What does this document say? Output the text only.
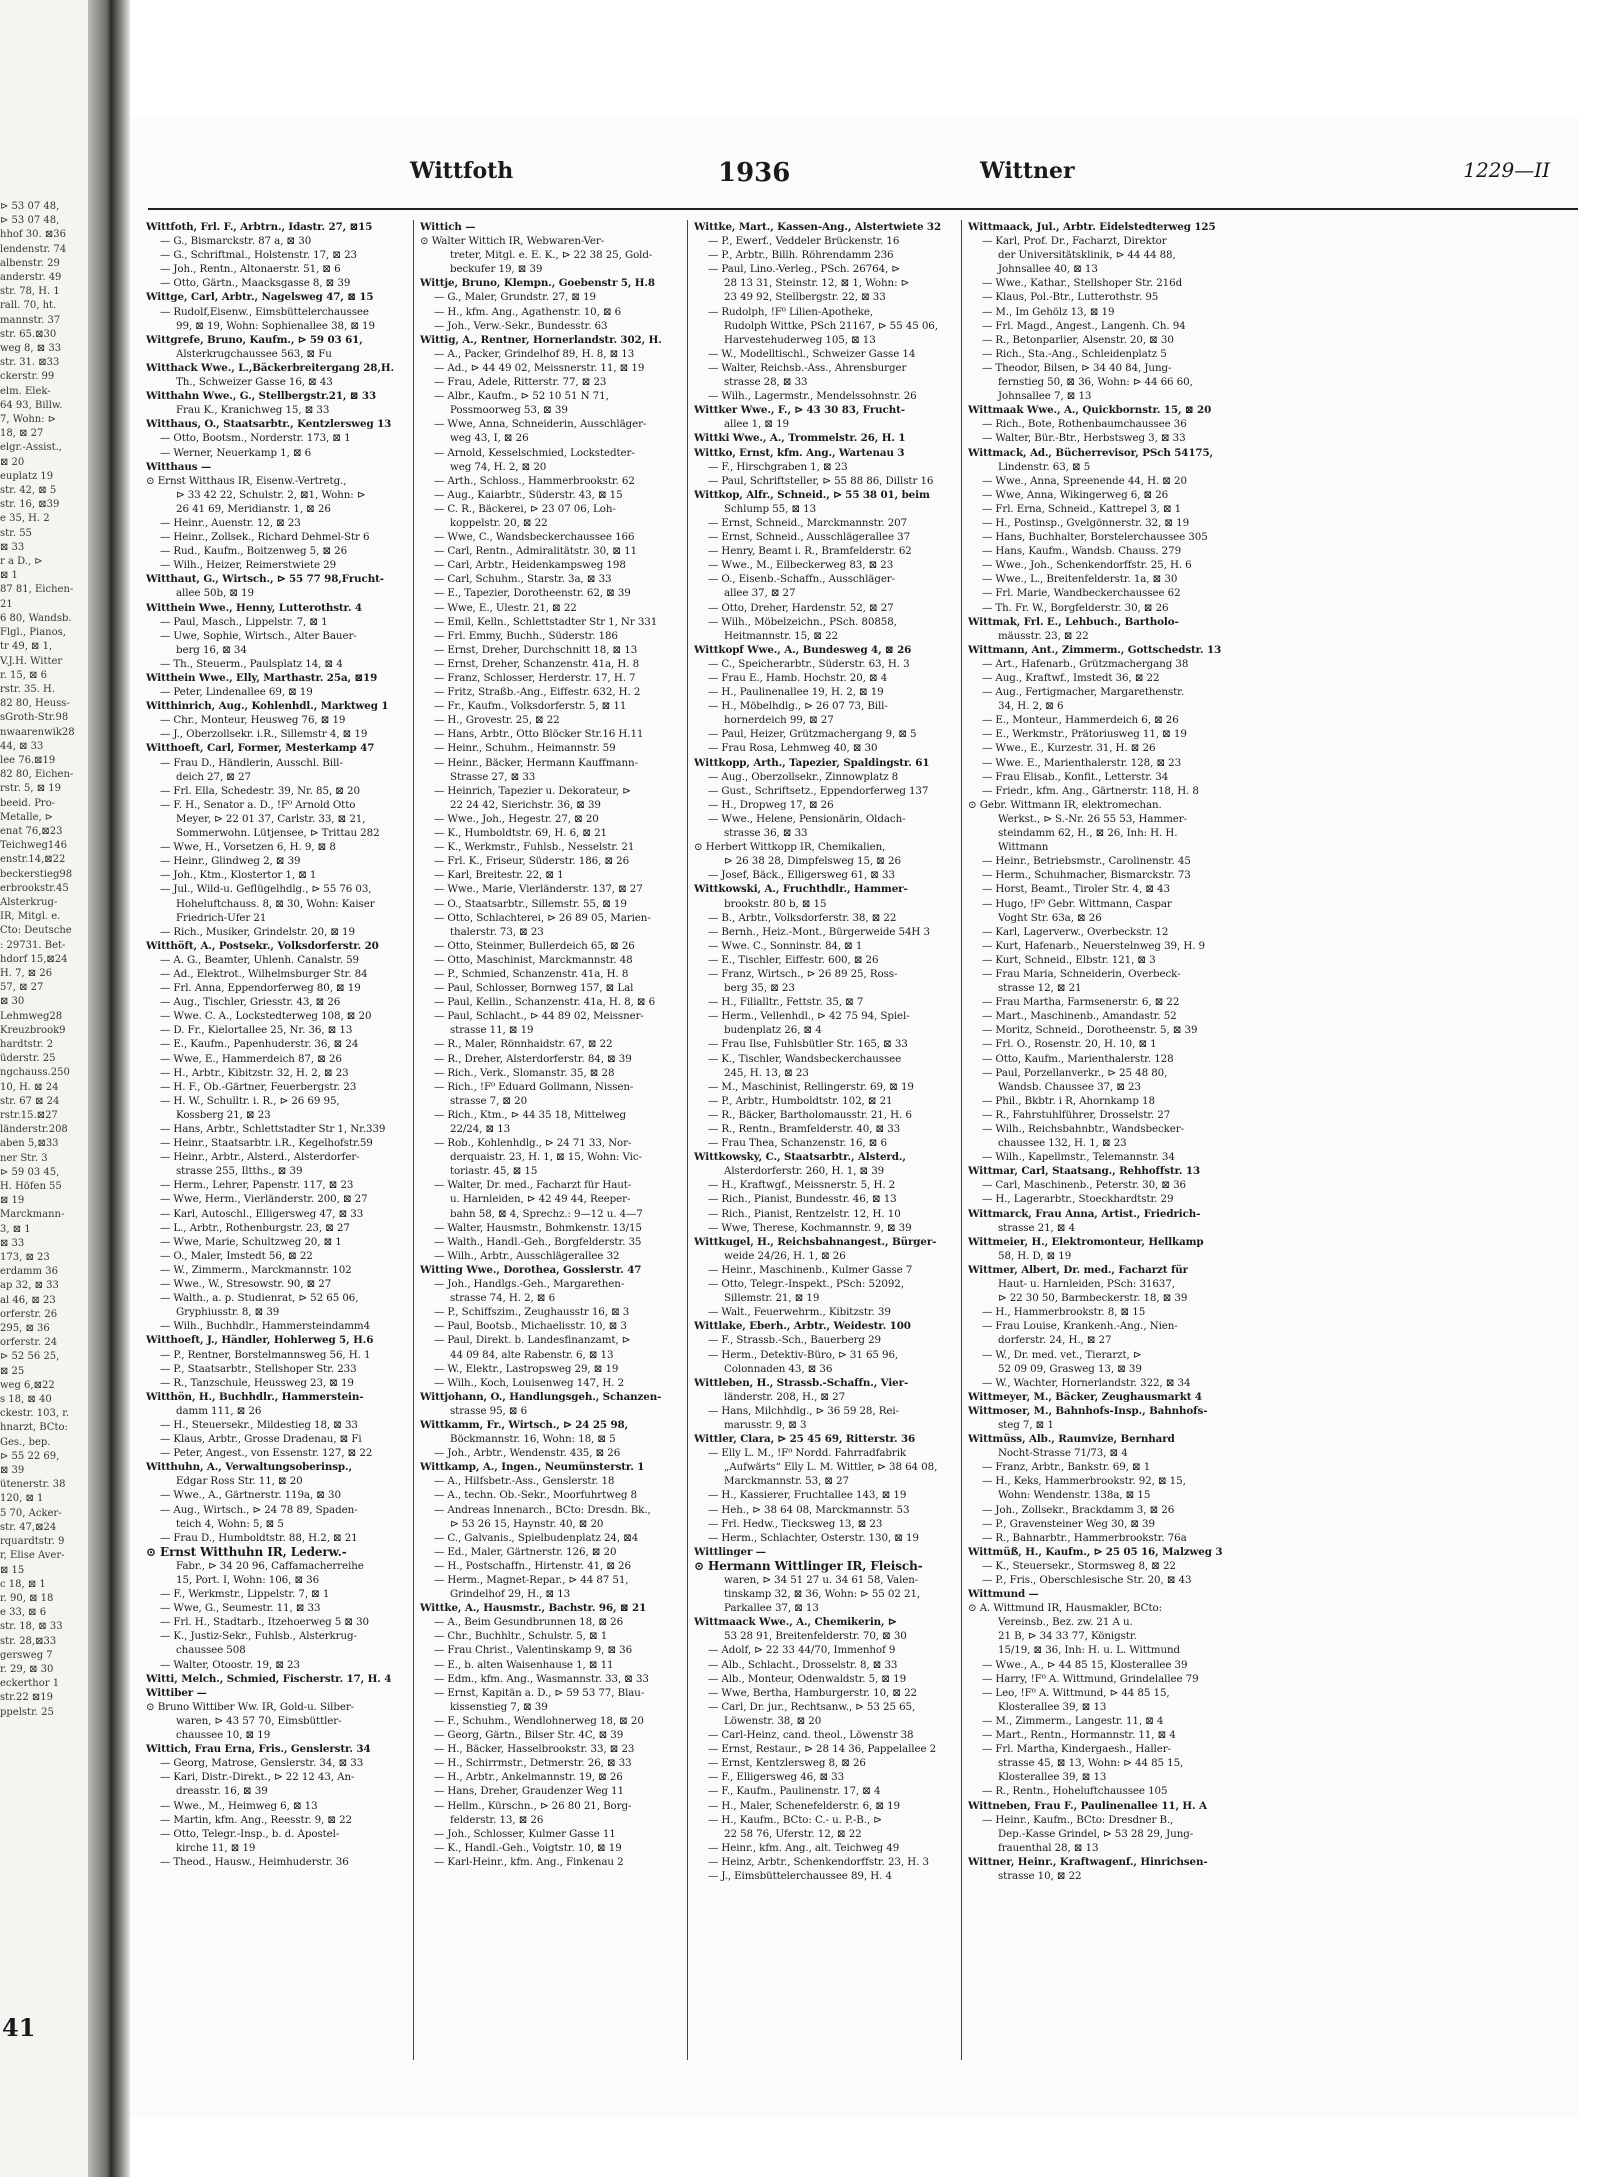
⊳ 53 07 48,
⊳ 53 07 48,
hhof 30. ⊠36
lendenstr. 74
albenstr. 29
anderstr. 49
str. 78, H. 1
rall. 70, ht.
mannstr. 37
str. 65.⊠30
weg 8, ⊠ 33
str. 31. ⊠33
ckerstr. 99
elm. Elek-
64 93, Billw.
7, Wohn: ⊳
18, ⊠ 27
elgr.-Assist.,
⊠ 20
euplatz 19
str. 42, ⊠ 5
str. 16, ⊠39
e 35, H. 2
str. 55
⊠ 33
r a D., ⊳
⊠ 1
87 81, Eichen-
21
6 80, Wandsb.
Flgl., Pianos,
tr 49, ⊠ 1,
V.J.H. Witter
r. 15, ⊠ 6
rstr. 35. H.
82 80, Heuss-
sGroth-Str.98
nwaarenwik28
44, ⊠ 33
lee 76.⊠19
82 80, Eichen-
rstr. 5, ⊠ 19
beeid. Pro-
Metalle, ⊳
enat 76,⊠23
Teichweg146
enstr.14,⊠22
beckerstieg98
erbrookstr.45
Alsterkrug-
IR, Mitgl. e.
Cto: Deutsche
: 29731. Bet-
hdorf 15,⊠24
H. 7, ⊠ 26
57, ⊠ 27
⊠ 30
Lehmweg28
Kreuzbrook9
hardtstr. 2
üderstr. 25
ngchauss.250
10, H. ⊠ 24
str. 67 ⊠ 24
rstr.15.⊠27
länderstr.208
aben 5,⊠33
ner Str. 3
⊳ 59 03 45,
H. Höfen 55
⊠ 19
Marckmann-
3, ⊠ 1
⊠ 33
173, ⊠ 23
erdamm 36
ap 32, ⊠ 33
al 46, ⊠ 23
orferstr. 26
295, ⊠ 36
orferstr. 24
⊳ 52 56 25,
⊠ 25
weg 6,⊠22
s 18, ⊠ 40
ckestr. 103, r.
hnarzt, BCto:
Ges., bep.
⊳ 55 22 69,
⊠ 39
ütenerstr. 38
120, ⊠ 1
5 70, Acker-
str. 47,⊠24
rquardtstr. 9
r, Elise Aver-
⊠ 15
c 18, ⊠ 1
r. 90, ⊠ 18
e 33, ⊠ 6
str. 18, ⊠ 33
str. 28,⊠33
gersweg 7
r. 29, ⊠ 30
eckerthor 1
str.22 ⊠19
ppelstr. 25
41
Wittfoth	1936	Wittner	1229—II
Wittfoth, Frl. F., Arbtrn., Idastr. 27, ⊠15
— G., Bismarckstr. 87 a, ⊠ 30
— G., Schriftmal., Holstenstr. 17, ⊠ 23
— Joh., Rentn., Altonaerstr. 51, ⊠ 6
— Otto, Gärtn., Maacksgasse 8, ⊠ 39
Wittge, Carl, Arbtr., Nagelsweg 47, ⊠ 15
— Rudolf,Eisenw., Eimsbüttelerchaussee
99, ⊠ 19, Wohn: Sophienallee 38, ⊠ 19
Wittgrefe, Bruno, Kaufm., ⊳ 59 03 61,
Alsterkrugchaussee 563, ⊠ Fu
Witthack Wwe., L.,Bäckerbreitergang 28,H.
Th., Schweizer Gasse 16, ⊠ 43
Witthahn Wwe., G., Stellbergstr.21, ⊠ 33
Frau K., Kranichweg 15, ⊠ 33
Witthaus, O., Staatsarbtr., Kentzlersweg 13
— Otto, Bootsm., Norderstr. 173, ⊠ 1
— Werner, Neuerkamp 1, ⊠ 6
Witthaus —
⊙ Ernst Witthaus IR, Eisenw.-Vertretg.,
⊳ 33 42 22, Schulstr. 2, ⊠1, Wohn: ⊳
26 41 69, Meridianstr. 1, ⊠ 26
— Heinr., Auenstr. 12, ⊠ 23
— Heinr., Zollsek., Richard Dehmel-Str 6
— Rud., Kaufm., Boitzenweg 5, ⊠ 26
— Wilh., Heizer, Reimerstwiete 29
Witthaut, G., Wirtsch., ⊳ 55 77 98,Frucht-
allee 50b, ⊠ 19
Witthein Wwe., Henny, Lutterothstr. 4
— Paul, Masch., Lippelstr. 7, ⊠ 1
— Uwe, Sophie, Wirtsch., Alter Bauer-
berg 16, ⊠ 34
— Th., Steuerm., Paulsplatz 14, ⊠ 4
Witthein Wwe., Elly, Marthastr. 25a, ⊠19
— Peter, Lindenallee 69, ⊠ 19
Witthinrich, Aug., Kohlenhdl., Marktweg 1
— Chr., Monteur, Heusweg 76, ⊠ 19
— J., Oberzollsekr. i.R., Sillemstr 4, ⊠ 19
Witthoeft, Carl, Former, Mesterkamp 47
— Frau D., Händlerin, Ausschl. Bill-
deich 27, ⊠ 27
— Frl. Ella, Schedestr. 39, Nr. 85, ⊠ 20
— F. H., Senator a. D., !F⁰ Arnold Otto
Meyer, ⊳ 22 01 37, Carlstr. 33, ⊠ 21,
Sommerwohn. Lütjensee, ⊳ Trittau 282
— Wwe, H., Vorsetzen 6, H. 9, ⊠ 8
— Heinr., Glindweg 2, ⊠ 39
— Joh., Ktm., Klostertor 1, ⊠ 1
— Jul., Wild-u. Geflügelhdlg., ⊳ 55 76 03,
Hoheluftchauss. 8, ⊠ 30, Wohn: Kaiser
Friedrich-Ufer 21
— Rich., Musiker, Grindelstr. 20, ⊠ 19
Witthöft, A., Postsekr., Volksdorferstr. 20
— A. G., Beamter, Uhlenh. Canalstr. 59
— Ad., Elektrot., Wilhelmsburger Str. 84
— Frl. Anna, Eppendorferweg 80, ⊠ 19
— Aug., Tischler, Griesstr. 43, ⊠ 26
— Wwe. C. A., Lockstedterweg 108, ⊠ 20
— D. Fr., Kielortallee 25, Nr. 36, ⊠ 13
— E., Kaufm., Papenhuderstr. 36, ⊠ 24
— Wwe, E., Hammerdeich 87, ⊠ 26
— H., Arbtr., Kibitzstr. 32, H. 2, ⊠ 23
— H. F., Ob.-Gärtner, Feuerbergstr. 23
— H. W., Schulltr. i. R., ⊳ 26 69 95,
Kossberg 21, ⊠ 23
— Hans, Arbtr., Schlettstadter Str 1, Nr.339
— Heinr., Staatsarbtr. i.R., Kegelhofstr.59
— Heinr., Arbtr., Alsterd., Alsterdorfer-
strasse 255, Iltths., ⊠ 39
— Herm., Lehrer, Papenstr. 117, ⊠ 23
— Wwe, Herm., Vierländerstr. 200, ⊠ 27
— Karl, Autoschl., Elligersweg 47, ⊠ 33
— L., Arbtr., Rothenburgstr. 23, ⊠ 27
— Wwe, Marie, Schultzweg 20, ⊠ 1
— O., Maler, Imstedt 56, ⊠ 22
— W., Zimmerm., Marckmannstr. 102
— Wwe., W., Stresowstr. 90, ⊠ 27
— Walth., a. p. Studienrat, ⊳ 52 65 06,
Gryphiusstr. 8, ⊠ 39
— Wilh., Buchhdlr., Hammersteindamm4
Witthoeft, J., Händler, Hohlerweg 5, H.6
— P., Rentner, Borstelmannsweg 56, H. 1
— P., Staatsarbtr., Stellshoper Str. 233
— R., Tanzschule, Heussweg 23, ⊠ 19
Witthön, H., Buchhdlr., Hammerstein-
damm 111, ⊠ 26
— H., Steuersekr., Mildestieg 18, ⊠ 33
— Klaus, Arbtr., Grosse Dradenau, ⊠ Fi
— Peter, Angest., von Essenstr. 127, ⊠ 22
Witthuhn, A., Verwaltungsoberinsp.,
Edgar Ross Str. 11, ⊠ 20
— Wwe., A., Gärtnerstr. 119a, ⊠ 30
— Aug., Wirtsch., ⊳ 24 78 89, Spaden-
teich 4, Wohn: 5, ⊠ 5
— Frau D., Humboldtstr. 88, H.2, ⊠ 21
⊙ Ernst Witthuhn IR, Lederw.-
Fabr., ⊳ 34 20 96, Caffamacherreihe
15, Port. I, Wohn: 106, ⊠ 36
— F., Werkmstr., Lippelstr. 7, ⊠ 1
— Wwe, G., Seumestr. 11, ⊠ 33
— Frl. H., Stadtarb., Itzehoerweg 5 ⊠ 30
— K., Justiz-Sekr., Fuhlsb., Alsterkrug-
chaussee 508
— Walter, Otoostr. 19, ⊠ 23
Witti, Melch., Schmied, Fischerstr. 17, H. 4
Wittiber —
⊙ Bruno Wittiber Ww. IR, Gold-u. Silber-
waren, ⊳ 43 57 70, Eimsbüttler-
chaussee 10, ⊠ 19
Wittich, Frau Erna, Fris., Genslerstr. 34
— Georg, Matrose, Genslerstr. 34, ⊠ 33
— Kari, Distr.-Direkt., ⊳ 22 12 43, An-
dreasstr. 16, ⊠ 39
— Wwe., M., Heimweg 6, ⊠ 13
— Martin, kfm. Ang., Reesstr. 9, ⊠ 22
— Otto, Telegr.-Insp., b. d. Apostel-
kirche 11, ⊠ 19
— Theod., Hausw., Heimhuderstr. 36
Wittich —
⊙ Walter Wittich IR, Webwaren-Ver-
treter, Mitgl. e. E. K., ⊳ 22 38 25, Gold-
beckufer 19, ⊠ 39
Wittje, Bruno, Klempn., Goebenstr 5, H.8
— G., Maler, Grundstr. 27, ⊠ 19
— H., kfm. Ang., Agathenstr. 10, ⊠ 6
— Joh., Verw.-Sekr., Bundesstr. 63
Wittig, A., Rentner, Hornerlandstr. 302, H.
— A., Packer, Grindelhof 89, H. 8, ⊠ 13
— Ad., ⊳ 44 49 02, Meissnerstr. 11, ⊠ 19
— Frau, Adele, Ritterstr. 77, ⊠ 23
— Albr., Kaufm., ⊳ 52 10 51 N 71,
Possmoorweg 53, ⊠ 39
— Wwe, Anna, Schneiderin, Ausschläger-
weg 43, I, ⊠ 26
— Arnold, Kesselschmied, Lockstedter-
weg 74, H. 2, ⊠ 20
— Arth., Schloss., Hammerbrookstr. 62
— Aug., Kaiarbtr., Süderstr. 43, ⊠ 15
— C. R., Bäckerei, ⊳ 23 07 06, Loh-
koppelstr. 20, ⊠ 22
— Wwe, C., Wandsbeckerchaussee 166
— Carl, Rentn., Admiralitätstr. 30, ⊠ 11
— Carl, Arbtr., Heidenkampsweg 198
— Carl, Schuhm., Starstr. 3a, ⊠ 33
— E., Tapezier, Dorotheenstr. 62, ⊠ 39
— Wwe, E., Ulestr. 21, ⊠ 22
— Emil, Kelln., Schlettstadter Str 1, Nr 331
— Frl. Emmy, Buchh., Süderstr. 186
— Ernst, Dreher, Durchschnitt 18, ⊠ 13
— Ernst, Dreher, Schanzenstr. 41a, H. 8
— Franz, Schlosser, Herderstr. 17, H. 7
— Fritz, Straßb.-Ang., Eiffestr. 632, H. 2
— Fr., Kaufm., Volksdorferstr. 5, ⊠ 11
— H., Grovestr. 25, ⊠ 22
— Hans, Arbtr., Otto Blöcker Str.16 H.11
— Heinr., Schuhm., Heimannstr. 59
— Heinr., Bäcker, Hermann Kauffmann-
Strasse 27, ⊠ 33
— Heinrich, Tapezier u. Dekorateur, ⊳
22 24 42, Sierichstr. 36, ⊠ 39
— Wwe., Joh., Hegestr. 27, ⊠ 20
— K., Humboldtstr. 69, H. 6, ⊠ 21
— K., Werkmstr., Fuhlsb., Nesselstr. 21
— Frl. K., Friseur, Süderstr. 186, ⊠ 26
— Karl, Breitestr. 22, ⊠ 1
— Wwe., Marie, Vierländerstr. 137, ⊠ 27
— O., Staatsarbtr., Sillemstr. 55, ⊠ 19
— Otto, Schlachterei, ⊳ 26 89 05, Marien-
thalerstr. 73, ⊠ 23
— Otto, Steinmer, Bullerdeich 65, ⊠ 26
— Otto, Maschinist, Marckmannstr. 48
— P., Schmied, Schanzenstr. 41a, H. 8
— Paul, Schlosser, Bornweg 157, ⊠ Lal
— Paul, Kellin., Schanzenstr. 41a, H. 8, ⊠ 6
— Paul, Schlacht., ⊳ 44 89 02, Meissner-
strasse 11, ⊠ 19
— R., Maler, Rönnhaidstr. 67, ⊠ 22
— R., Dreher, Alsterdorferstr. 84, ⊠ 39
— Rich., Verk., Slomanstr. 35, ⊠ 28
— Rich., !F⁰ Eduard Gollmann, Nissen-
strasse 7, ⊠ 20
— Rich., Ktm., ⊳ 44 35 18, Mittelweg
22/24, ⊠ 13
— Rob., Kohlenhdlg., ⊳ 24 71 33, Nor-
derquaistr. 23, H. 1, ⊠ 15, Wohn: Vic-
toriastr. 45, ⊠ 15
— Walter, Dr. med., Facharzt für Haut-
u. Harnleiden, ⊳ 42 49 44, Reeper-
bahn 58, ⊠ 4, Sprechz.: 9—12 u. 4—7
— Walter, Hausmstr., Bohmkenstr. 13/15
— Walth., Handl.-Geh., Borgfelderstr. 35
— Wilh., Arbtr., Ausschlägerallee 32
Witting Wwe., Dorothea, Gosslerstr. 47
— Joh., Handlgs.-Geh., Margarethen-
strasse 74, H. 2, ⊠ 6
— P., Schiffszim., Zeughausstr 16, ⊠ 3
— Paul, Bootsb., Michaelisstr. 10, ⊠ 3
— Paul, Direkt. b. Landesfinanzamt, ⊳
44 09 84, alte Rabenstr. 6, ⊠ 13
— W., Elektr., Lastropsweg 29, ⊠ 19
— Wilh., Koch, Louisenweg 147, H. 2
Wittjohann, O., Handlungsgeh., Schanzen-
strasse 95, ⊠ 6
Wittkamm, Fr., Wirtsch., ⊳ 24 25 98,
Böckmannstr. 16, Wohn: 18, ⊠ 5
— Joh., Arbtr., Wendenstr. 435, ⊠ 26
Wittkamp, A., Ingen., Neumünsterstr. 1
— A., Hilfsbetr.-Ass., Genslerstr. 18
— A., techn. Ob.-Sekr., Moorfuhrtweg 8
— Andreas Innenarch., BCto: Dresdn. Bk.,
⊳ 53 26 15, Haynstr. 40, ⊠ 20
— C., Galvanis., Spielbudenplatz 24, ⊠4
— Ed., Maler, Gärtnerstr. 126, ⊠ 20
— H., Postschaffn., Hirtenstr. 41, ⊠ 26
— Herm., Magnet-Repar., ⊳ 44 87 51,
Grindelhof 29, H., ⊠ 13
Wittke, A., Hausmstr., Bachstr. 96, ⊠ 21
— A., Beim Gesundbrunnen 18, ⊠ 26
— Chr., Buchhltr., Schulstr. 5, ⊠ 1
— Frau Christ., Valentinskamp 9, ⊠ 36
— E., b. alten Waisenhause 1, ⊠ 11
— Edm., kfm. Ang., Wasmannstr. 33, ⊠ 33
— Ernst, Kapitän a. D., ⊳ 59 53 77, Blau-
kissenstieg 7, ⊠ 39
— F., Schuhm., Wendlohnerweg 18, ⊠ 20
— Georg, Gärtn., Bilser Str. 4C, ⊠ 39
— H., Bäcker, Hasselbrookstr. 33, ⊠ 23
— H., Schirrmstr., Detmerstr. 26, ⊠ 33
— H., Arbtr., Ankelmannstr. 19, ⊠ 26
— Hans, Dreher, Graudenzer Weg 11
— Hellm., Kürschn., ⊳ 26 80 21, Borg-
felderstr. 13, ⊠ 26
— Joh., Schlosser, Kulmer Gasse 11
— K., Handl.-Geh., Voigtstr. 10, ⊠ 19
— Karl-Heinr., kfm. Ang., Finkenau 2
Wittke, Mart., Kassen-Ang., Alstertwiete 32
— P., Ewerf., Veddeler Brückenstr. 16
— P., Arbtr., Billh. Röhrendamm 236
— Paul, Lino.-Verleg., PSch. 26764, ⊳
28 13 31, Steinstr. 12, ⊠ 1, Wohn: ⊳
23 49 92, Stellbergstr. 22, ⊠ 33
— Rudolph, !F⁰ Lilien-Apotheke,
Rudolph Wittke, PSch 21167, ⊳ 55 45 06,
Harvestehuderweg 105, ⊠ 13
— W., Modelltischl., Schweizer Gasse 14
— Walter, Reichsb.-Ass., Ahrensburger
strasse 28, ⊠ 33
— Wilh., Lagermstr., Mendelssohnstr. 26
Wittker Wwe., F., ⊳ 43 30 83, Frucht-
allee 1, ⊠ 19
Wittki Wwe., A., Trommelstr. 26, H. 1
Wittko, Ernst, kfm. Ang., Wartenau 3
— F., Hirschgraben 1, ⊠ 23
— Paul, Schriftsteller, ⊳ 55 88 86, Dillstr 16
Wittkop, Alfr., Schneid., ⊳ 55 38 01, beim
Schlump 55, ⊠ 13
— Ernst, Schneid., Marckmannstr. 207
— Ernst, Schneid., Ausschlägerallee 37
— Henry, Beamt i. R., Bramfelderstr. 62
— Wwe., M., Eilbeckerweg 83, ⊠ 23
— O., Eisenb.-Schaffn., Ausschläger-
allee 37, ⊠ 27
— Otto, Dreher, Hardenstr. 52, ⊠ 27
— Wilh., Möbelzeichn., PSch. 80858,
Heitmannstr. 15, ⊠ 22
Wittkopf Wwe., A., Bundesweg 4, ⊠ 26
— C., Speicherarbtr., Süderstr. 63, H. 3
— Frau E., Hamb. Hochstr. 20, ⊠ 4
— H., Paulinenallee 19, H. 2, ⊠ 19
— H., Möbelhdlg., ⊳ 26 07 73, Bill-
hornerdeich 99, ⊠ 27
— Paul, Heizer, Grützmachergang 9, ⊠ 5
— Frau Rosa, Lehmweg 40, ⊠ 30
Wittkopp, Arth., Tapezier, Spaldingstr. 61
— Aug., Oberzollsekr., Zinnowplatz 8
— Gust., Schriftsetz., Eppendorferweg 137
— H., Dropweg 17, ⊠ 26
— Wwe., Helene, Pensionärin, Oldach-
strasse 36, ⊠ 33
⊙ Herbert Wittkopp IR, Chemikalien,
⊳ 26 38 28, Dimpfelsweg 15, ⊠ 26
— Josef, Bäck., Elligersweg 61, ⊠ 33
Wittkowski, A., Fruchthdlr., Hammer-
brookstr. 80 b, ⊠ 15
— B., Arbtr., Volksdorferstr. 38, ⊠ 22
— Bernh., Heiz.-Mont., Bürgerweide 54H 3
— Wwe. C., Sonninstr. 84, ⊠ 1
— E., Tischler, Eiffestr. 600, ⊠ 26
— Franz, Wirtsch., ⊳ 26 89 25, Ross-
berg 35, ⊠ 23
— H., Filialltr., Fettstr. 35, ⊠ 7
— Herm., Vellenhdl., ⊳ 42 75 94, Spiel-
budenplatz 26, ⊠ 4
— Frau Ilse, Fuhlsbütler Str. 165, ⊠ 33
— K., Tischler, Wandsbeckerchaussee
245, H. 13, ⊠ 23
— M., Maschinist, Rellingerstr. 69, ⊠ 19
— P., Arbtr., Humboldtstr. 102, ⊠ 21
— R., Bäcker, Bartholomausstr. 21, H. 6
— R., Rentn., Bramfelderstr. 40, ⊠ 33
— Frau Thea, Schanzenstr. 16, ⊠ 6
Wittkowsky, C., Staatsarbtr., Alsterd.,
Alsterdorferstr. 260, H. 1, ⊠ 39
— H., Kraftwgf., Meissnerstr. 5, H. 2
— Rich., Pianist, Bundesstr. 46, ⊠ 13
— Rich., Pianist, Rentzelstr. 12, H. 10
— Wwe, Therese, Kochmannstr. 9, ⊠ 39
Wittkugel, H., Reichsbahnangest., Bürger-
weide 24/26, H. 1, ⊠ 26
— Heinr., Maschinenb., Kulmer Gasse 7
— Otto, Telegr.-Inspekt., PSch: 52092,
Sillemstr. 21, ⊠ 19
— Walt., Feuerwehrm., Kibitzstr. 39
Wittlake, Eberh., Arbtr., Weidestr. 100
— F., Strassb.-Sch., Bauerberg 29
— Herm., Detektiv-Büro, ⊳ 31 65 96,
Colonnaden 43, ⊠ 36
Wittleben, H., Strassb.-Schaffn., Vier-
länderstr. 208, H., ⊠ 27
— Hans, Milchhdlg., ⊳ 36 59 28, Rei-
marusstr. 9, ⊠ 3
Wittler, Clara, ⊳ 25 45 69, Ritterstr. 36
— Elly L. M., !F⁰ Nordd. Fahrradfabrik
„Aufwärts“ Elly L. M. Wittler, ⊳ 38 64 08,
Marckmannstr. 53, ⊠ 27
— H., Kassierer, Fruchtallee 143, ⊠ 19
— Heh., ⊳ 38 64 08, Marckmannstr. 53
— Frl. Hedw., Tiecksweg 13, ⊠ 23
— Herm., Schlachter, Osterstr. 130, ⊠ 19
Wittlinger —
⊙ Hermann Wittlinger IR, Fleisch-
waren, ⊳ 34 51 27 u. 34 61 58, Valen-
tinskamp 32, ⊠ 36, Wohn: ⊳ 55 02 21,
Parkallee 37, ⊠ 13
Wittmaack Wwe., A., Chemikerin, ⊳
53 28 91, Breitenfelderstr. 70, ⊠ 30
— Adolf, ⊳ 22 33 44/70, Immenhof 9
— Alb., Schlacht., Drosselstr. 8, ⊠ 33
— Alb., Monteur, Odenwaldstr. 5, ⊠ 19
— Wwe, Bertha, Hamburgerstr. 10, ⊠ 22
— Carl, Dr. jur., Rechtsanw., ⊳ 53 25 65,
Löwenstr. 38, ⊠ 20
— Carl-Heinz, cand. theol., Löwenstr 38
— Ernst, Restaur., ⊳ 28 14 36, Pappelallee 2
— Ernst, Kentzlersweg 8, ⊠ 26
— F., Elligersweg 46, ⊠ 33
— F., Kaufm., Paulinenstr. 17, ⊠ 4
— H., Maler, Schenefelderstr. 6, ⊠ 19
— H., Kaufm., BCto: C.- u. P.-B., ⊳
22 58 76, Uferstr. 12, ⊠ 22
— Heinr., kfm. Ang., alt. Teichweg 49
— Heinz, Arbtr., Schenkendorffstr. 23, H. 3
— J., Eimsbüttelerchaussee 89, H. 4
Wittmaack, Jul., Arbtr. Eidelstedterweg 125
— Karl, Prof. Dr., Facharzt, Direktor
der Universitätsklinik, ⊳ 44 44 88,
Johnsallee 40, ⊠ 13
— Wwe., Kathar., Stellshoper Str. 216d
— Klaus, Pol.-Btr., Lutterothstr. 95
— M., Im Gehölz 13, ⊠ 19
— Frl. Magd., Angest., Langenh. Ch. 94
— R., Betonparlier, Alsenstr. 20, ⊠ 30
— Rich., Sta.-Ang., Schleidenplatz 5
— Theodor, Bilsen, ⊳ 34 40 84, Jung-
fernstieg 50, ⊠ 36, Wohn: ⊳ 44 66 60,
Johnsallee 7, ⊠ 13
Wittmaak Wwe., A., Quickbornstr. 15, ⊠ 20
— Rich., Bote, Rothenbaumchaussee 36
— Walter, Bür.-Btr., Herbstsweg 3, ⊠ 33
Wittmack, Ad., Bücherrevisor, PSch 54175,
Lindenstr. 63, ⊠ 5
— Wwe., Anna, Spreenende 44, H. ⊠ 20
— Wwe, Anna, Wikingerweg 6, ⊠ 26
— Frl. Erna, Schneid., Kattrepel 3, ⊠ 1
— H., Postinsp., Gvelgönnerstr. 32, ⊠ 19
— Hans, Buchhalter, Borstelerchaussee 305
— Hans, Kaufm., Wandsb. Chauss. 279
— Wwe., Joh., Schenkendorffstr. 25, H. 6
— Wwe., L., Breitenfelderstr. 1a, ⊠ 30
— Frl. Marie, Wandbeckerchaussee 62
— Th. Fr. W., Borgfelderstr. 30, ⊠ 26
Wittmak, Frl. E., Lehbuch., Bartholo-
mäusstr. 23, ⊠ 22
Wittmann, Ant., Zimmerm., Gottschedstr. 13
— Art., Hafenarb., Grützmachergang 38
— Aug., Kraftwf., Imstedt 36, ⊠ 22
— Aug., Fertigmacher, Margarethenstr.
34, H. 2, ⊠ 6
— E., Monteur., Hammerdeich 6, ⊠ 26
— E., Werkmstr., Prätoriusweg 11, ⊠ 19
— Wwe., E., Kurzestr. 31, H. ⊠ 26
— Wwe. E., Marienthalerstr. 128, ⊠ 23
— Frau Elisab., Konfit., Letterstr. 34
— Friedr., kfm. Ang., Gärtnerstr. 118, H. 8
⊙ Gebr. Wittmann IR, elektromechan.
Werkst., ⊳ S.-Nr. 26 55 53, Hammer-
steindamm 62, H., ⊠ 26, Inh: H. H.
Wittmann
— Heinr., Betriebsmstr., Carolinenstr. 45
— Herm., Schuhmacher, Bismarckstr. 73
— Horst, Beamt., Tiroler Str. 4, ⊠ 43
— Hugo, !F⁰ Gebr. Wittmann, Caspar
Voght Str. 63a, ⊠ 26
— Karl, Lagerverw., Overbeckstr. 12
— Kurt, Hafenarb., Neuerstelnweg 39, H. 9
— Kurt, Schneid., Elbstr. 121, ⊠ 3
— Frau Maria, Schneiderin, Overbeck-
strasse 12, ⊠ 21
— Frau Martha, Farmsenerstr. 6, ⊠ 22
— Mart., Maschinenb., Amandastr. 52
— Moritz, Schneid., Dorotheenstr. 5, ⊠ 39
— Frl. O., Rosenstr. 20, H. 10, ⊠ 1
— Otto, Kaufm., Marienthalerstr. 128
— Paul, Porzellanverkr., ⊳ 25 48 80,
Wandsb. Chaussee 37, ⊠ 23
— Phil., Bkbtr. i R, Ahornkamp 18
— R., Fahrstuhlführer, Drosselstr. 27
— Wilh., Reichsbahnbtr., Wandsbecker-
chaussee 132, H. 1, ⊠ 23
— Wilh., Kapellmstr., Telemannstr. 34
Wittmar, Carl, Staatsang., Rehhoffstr. 13
— Carl, Maschinenb., Peterstr. 30, ⊠ 36
— H., Lagerarbtr., Stoeckhardtstr. 29
Wittmarck, Frau Anna, Artist., Friedrich-
strasse 21, ⊠ 4
Wittmeier, H., Elektromonteur, Hellkamp
58, H. D, ⊠ 19
Wittmer, Albert, Dr. med., Facharzt für
Haut- u. Harnleiden, PSch: 31637,
⊳ 22 30 50, Barmbeckerstr. 18, ⊠ 39
— H., Hammerbrookstr. 8, ⊠ 15
— Frau Louise, Krankenh.-Ang., Nien-
dorferstr. 24, H., ⊠ 27
— W., Dr. med. vet., Tierarzt, ⊳
52 09 09, Grasweg 13, ⊠ 39
— W., Wachter, Hornerlandstr. 322, ⊠ 34
Wittmeyer, M., Bäcker, Zeughausmarkt 4
Wittmoser, M., Bahnhofs-Insp., Bahnhofs-
steg 7, ⊠ 1
Wittmüss, Alb., Raumvize, Bernhard
Nocht-Strasse 71/73, ⊠ 4
— Franz, Arbtr., Bankstr. 69, ⊠ 1
— H., Keks, Hammerbrookstr. 92, ⊠ 15,
Wohn: Wendenstr. 138a, ⊠ 15
— Joh., Zollsekr., Brackdamm 3, ⊠ 26
— P., Gravensteiner Weg 30, ⊠ 39
— R., Bahnarbtr., Hammerbrookstr. 76a
Wittmüß, H., Kaufm., ⊳ 25 05 16, Malzweg 3
— K., Steuersekr., Stormsweg 8, ⊠ 22
— P., Fris., Oberschlesische Str. 20, ⊠ 43
Wittmund —
⊙ A. Wittmund IR, Hausmakler, BCto:
Vereinsb., Bez. zw. 21 A u.
21 B, ⊳ 34 33 77, Königstr.
15/19, ⊠ 36, Inh: H. u. L. Wittmund
— Wwe., A., ⊳ 44 85 15, Klosterallee 39
— Harry, !F⁰ A. Wittmund, Grindelallee 79
— Leo, !F⁰ A. Wittmund, ⊳ 44 85 15,
Klosterallee 39, ⊠ 13
— M., Zimmerm., Langestr. 11, ⊠ 4
— Mart., Rentn., Hormannstr. 11, ⊠ 4
— Frl. Martha, Kindergaesh., Haller-
strasse 45, ⊠ 13, Wohn: ⊳ 44 85 15,
Klosterallee 39, ⊠ 13
— R., Rentn., Hoheluftchaussee 105
Wittneben, Frau F., Paulinenallee 11, H. A
— Heinr., Kaufm., BCto: Dresdner B.,
Dep.-Kasse Grindel, ⊳ 53 28 29, Jung-
frauenthal 28, ⊠ 13
Wittner, Heinr., Kraftwagenf., Hinrichsen-
strasse 10, ⊠ 22
